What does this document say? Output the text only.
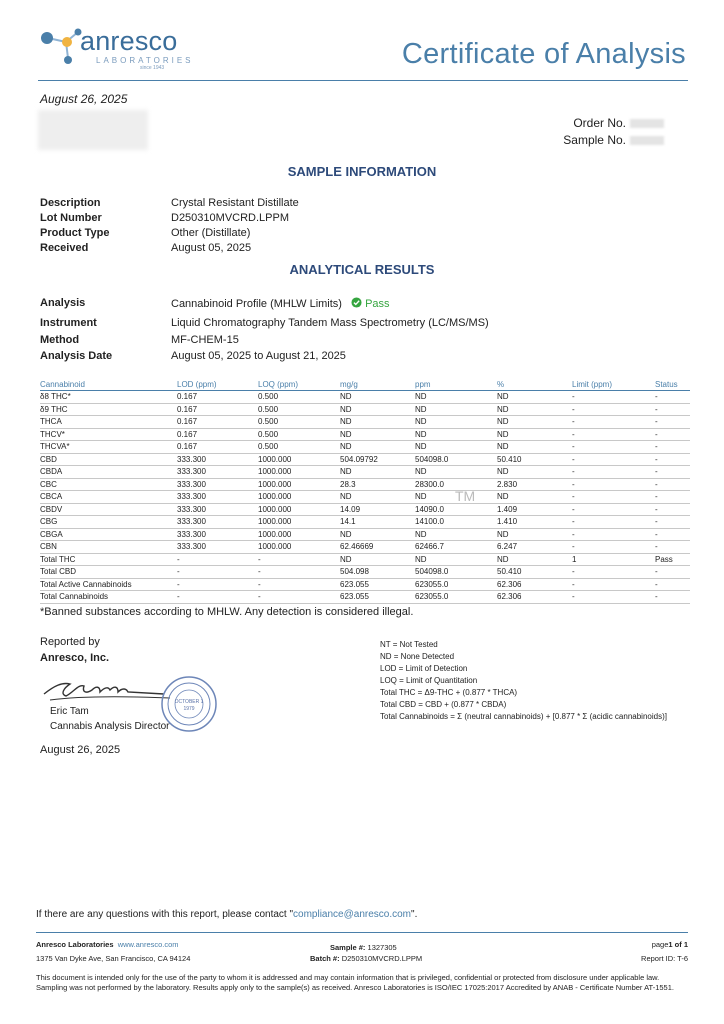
anresco
LABORATORIES
since 1943	Certificate of Analysis
August 26, 2025
Order No.
Sample No.
SAMPLE INFORMATION
Description	Crystal Resistant Distillate
Lot Number	D250310MVCRD.LPPM
Product Type	Other (Distillate)
Received	August 05, 2025
ANALYTICAL RESULTS
Analysis	Cannabinoid Profile (MHLW Limits) Pass
Instrument	Liquid Chromatography Tandem Mass Spectrometry (LC/MS/MS)
Method	MF-CHEM-15
Analysis Date	August 05, 2025 to August 21, 2025
Cannabinoid	LOD (ppm)	LOQ (ppm)	mg/g	ppm	%	Limit (ppm)	Status
δ8 THC*	0.167	0.500	ND	ND	ND	-	-
δ9 THC	0.167	0.500	ND	ND	ND	-	-
THCA	0.167	0.500	ND	ND	ND	-	-
THCV*	0.167	0.500	ND	ND	ND	-	-
THCVA*	0.167	0.500	ND	ND	ND	-	-
CBD	333.300	1000.000	504.09792	504098.0	50.410	-	-
CBDA	333.300	1000.000	ND	ND	ND	-	-
CBC	333.300	1000.000	28.3	28300.0	2.830	-	-
CBCA	333.300	1000.000	ND	ND	ND	-	-
CBDV	333.300	1000.000	14.09	14090.0	1.409	-	-
CBG	333.300	1000.000	14.1	14100.0	1.410	-	-
CBGA	333.300	1000.000	ND	ND	ND	-	-
CBN	333.300	1000.000	62.46669	62466.7	6.247	-	-
Total THC	-	-	ND	ND	ND	1	Pass
Total CBD	-	-	504.098	504098.0	50.410	-	-
Total Active Cannabinoids	-	-	623.055	623055.0	62.306	-	-
Total Cannabinoids	-	-	623.055	623055.0	62.306	-	-
TM
*Banned substances according to MHLW. Any detection is considered illegal.
Reported by
Anresco, Inc.
OCTOBER 1
1979
Eric Tam
Cannabis Analysis Director
August 26, 2025
NT = Not Tested
ND = None Detected
LOD = Limit of Detection
LOQ = Limit of Quantitation
Total THC = Δ9-THC + (0.877 * THCA)
Total CBD = CBD + (0.877 * CBDA)
Total Cannabinoids = Σ (neutral cannabinoids) + [0.877 * Σ (acidic cannabinoids)]
If there are any questions with this report, please contact "compliance@anresco.com".
Anresco Laboratories www.anresco.com
1375 Van Dyke Ave, San Francisco, CA 94124
Sample #: 1327305
Batch #: D250310MVCRD.LPPM
page1 of 1
Report ID: T-6
This document is intended only for the use of the party to whom it is addressed and may contain information that is privileged, confidential or protected from disclosure under applicable law. Sampling was not performed by the laboratory. Results apply only to the sample(s) as received. Anresco Laboratories is ISO/IEC 17025:2017 Accredited by ANAB - Certificate Number AT-1551.
